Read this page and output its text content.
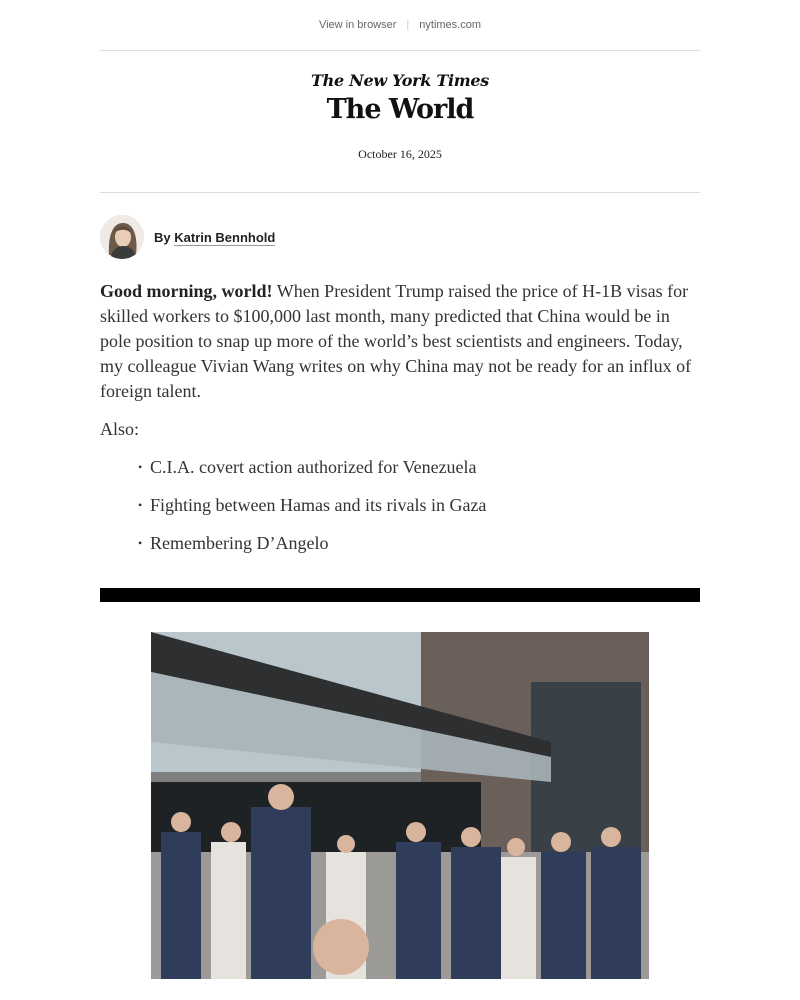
View in browser | nytimes.com
The New York Times
The World
October 16, 2025
By Katrin Bennhold

Good morning, world! When President Trump raised the price of H-1B visas for skilled workers to $100,000 last month, many predicted that China would be in pole position to snap up more of the world’s best scientists and engineers. Today, my colleague Vivian Wang writes on why China may not be ready for an influx of foreign talent.

Also:
• C.I.A. covert action authorized for Venezuela
• Fighting between Hamas and its rivals in Gaza
• Remembering D’Angelo
